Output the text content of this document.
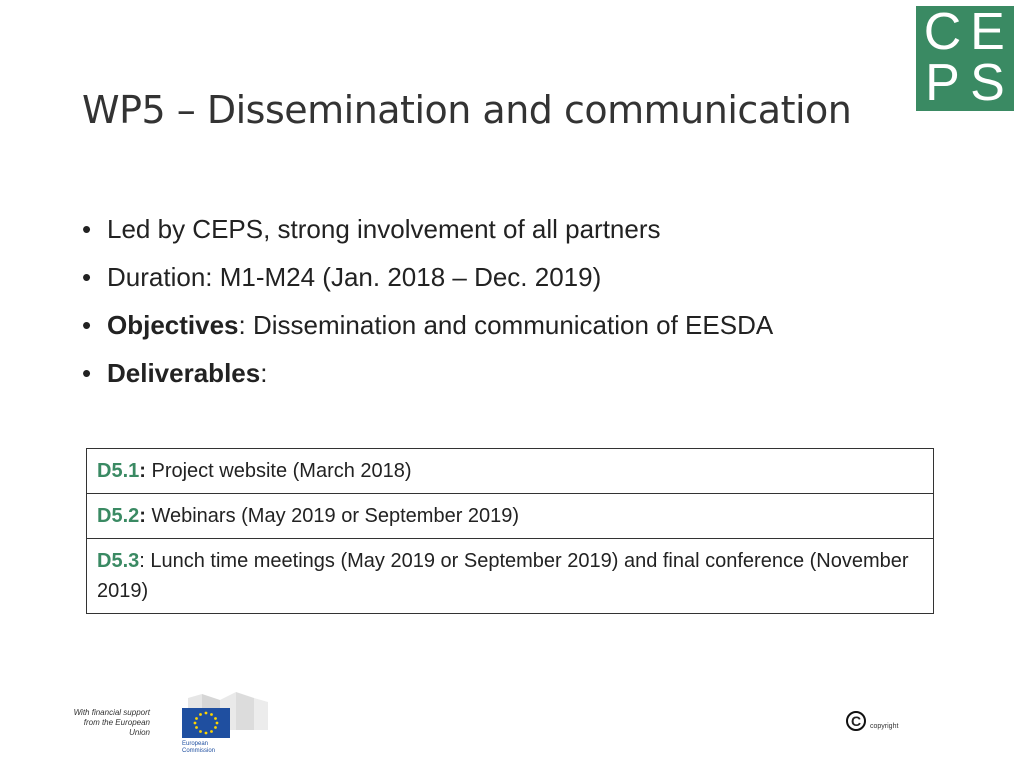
C E
P S
WP5 – Dissemination and communication
• Led by CEPS, strong involvement of all partners
• Duration: M1-M24 (Jan. 2018 – Dec. 2019)
• Objectives: Dissemination and communication of EESDA
• Deliverables:
D5.1: Project website (March 2018)
D5.2: Webinars (May 2019 or September 2019)
D5.3: Lunch time meetings (May 2019 or September 2019) and final conference (November 2019)
With financial support
from the European Union
European
Commission
C	copyright
